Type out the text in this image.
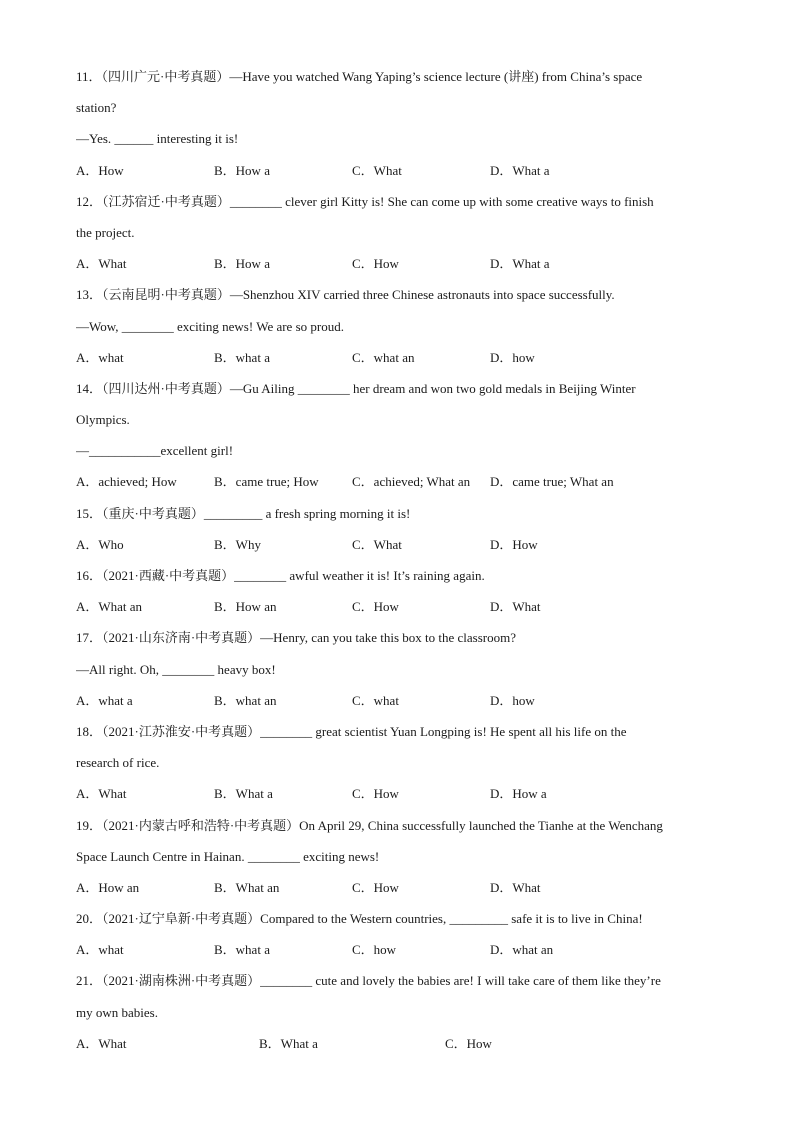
11．（四川广元·中考真题）—Have you watched Wang Yaping’s science lecture (讲座) from China’s space
station?
—Yes. ______ interesting it is!
A．How	B．How a	C．What	D．What a
12．（江苏宿迁·中考真题）________ clever girl Kitty is! She can come up with some creative ways to finish
the project.
A．What	B．How a	C．How	D．What a
13．（云南昆明·中考真题）—Shenzhou XIV carried three Chinese astronauts into space successfully.
—Wow, ________ exciting news! We are so proud.
A．what	B．what a	C．what an	D．how
14．（四川达州·中考真题）—Gu Ailing ________ her dream and won two gold medals in Beijing Winter
Olympics.
—___________excellent girl!
A．achieved; How	B．came true; How	C．achieved; What an D．came true; What an
15．（重庆·中考真题）_________ a fresh spring morning it is!
A．Who	B．Why	C．What	D．How
16．（2021·西藏·中考真题）________ awful weather it is! It’s raining again.
A．What an	B．How an	C．How	D．What
17．（2021·山东济南·中考真题）—Henry, can you take this box to the classroom?
—All right. Oh, ________ heavy box!
A．what a	B．what an	C．what	D．how
18．（2021·江苏淮安·中考真题）________ great scientist Yuan Longping is! He spent all his life on the
research of rice.
A．What	B．What a	C．How	D．How a
19．（2021·内蒙古呼和浩特·中考真题）On April 29, China successfully launched the Tianhe at the Wenchang
Space Launch Centre in Hainan. ________ exciting news!
A．How an	B．What an	C．How	D．What
20．（2021·辽宁阜新·中考真题）Compared to the Western countries, _________ safe it is to live in China!
A．what	B．what a	C．how	D．what an
21．（2021·湖南株洲·中考真题）________ cute and lovely the babies are! I will take care of them like they’re
my own babies.
A．What	B．What a	C．How
